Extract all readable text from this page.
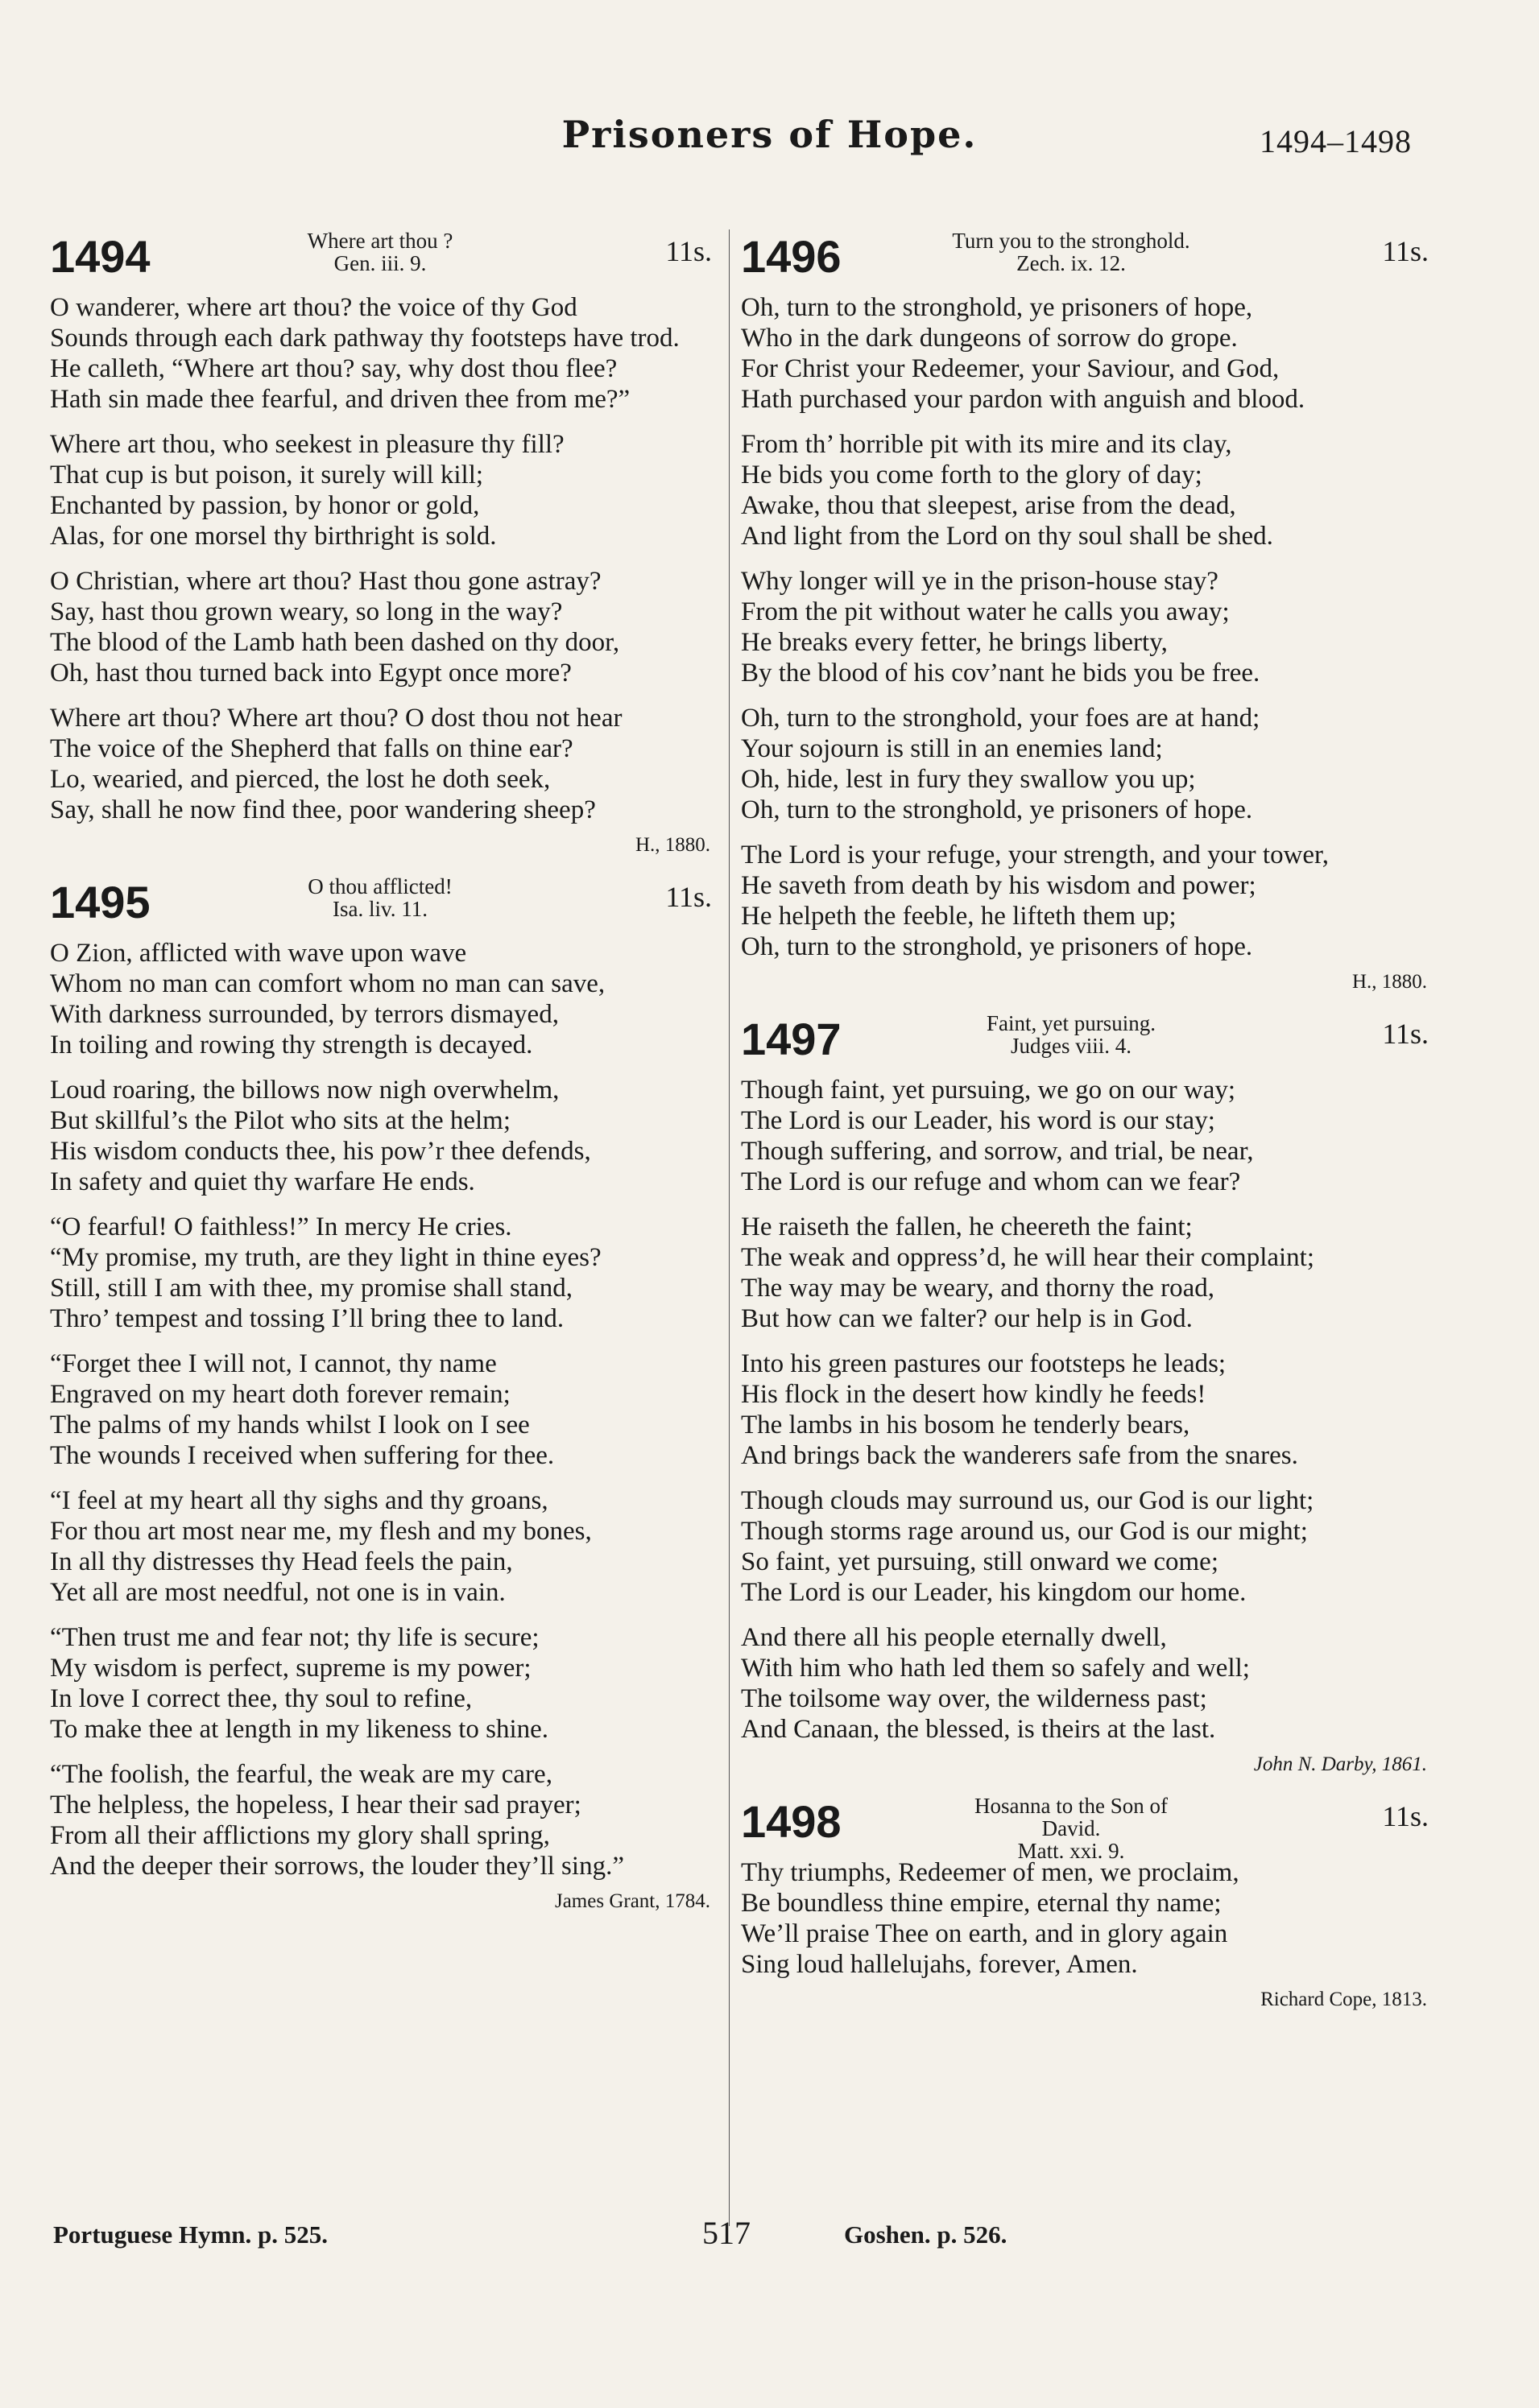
Prisoners of Hope.	1494–1498
1494	Where art thou ?
Gen. iii. 9.	11s.
O wanderer, where art thou? the voice of thy God
Sounds through each dark pathway thy footsteps have trod.
He calleth, “Where art thou? say, why dost thou flee?
Hath sin made thee fearful, and driven thee from me?”
Where art thou, who seekest in pleasure thy fill?
That cup is but poison, it surely will kill;
Enchanted by passion, by honor or gold,
Alas, for one morsel thy birthright is sold.
O Christian, where art thou? Hast thou gone astray?
Say, hast thou grown weary, so long in the way?
The blood of the Lamb hath been dashed on thy door,
Oh, hast thou turned back into Egypt once more?
Where art thou? Where art thou? O dost thou not hear
The voice of the Shepherd that falls on thine ear?
Lo, wearied, and pierced, the lost he doth seek,
Say, shall he now find thee, poor wandering sheep?
H., 1880.
1495	O thou afflicted!
Isa. liv. 11.	11s.
O Zion, afflicted with wave upon wave
Whom no man can comfort whom no man can save,
With darkness surrounded, by terrors dismayed,
In toiling and rowing thy strength is decayed.
Loud roaring, the billows now nigh overwhelm,
But skillful’s the Pilot who sits at the helm;
His wisdom conducts thee, his pow’r thee defends,
In safety and quiet thy warfare He ends.
“O fearful! O faithless!” In mercy He cries.
“My promise, my truth, are they light in thine eyes?
Still, still I am with thee, my promise shall stand,
Thro’ tempest and tossing I’ll bring thee to land.
“Forget thee I will not, I cannot, thy name
Engraved on my heart doth forever remain;
The palms of my hands whilst I look on I see
The wounds I received when suffering for thee.
“I feel at my heart all thy sighs and thy groans,
For thou art most near me, my flesh and my bones,
In all thy distresses thy Head feels the pain,
Yet all are most needful, not one is in vain.
“Then trust me and fear not; thy life is secure;
My wisdom is perfect, supreme is my power;
In love I correct thee, thy soul to refine,
To make thee at length in my likeness to shine.
“The foolish, the fearful, the weak are my care,
The helpless, the hopeless, I hear their sad prayer;
From all their afflictions my glory shall spring,
And the deeper their sorrows, the louder they’ll sing.”
James Grant, 1784.
1496	Turn you to the stronghold.
Zech. ix. 12.	11s.
Oh, turn to the stronghold, ye prisoners of hope,
Who in the dark dungeons of sorrow do grope.
For Christ your Redeemer, your Saviour, and God,
Hath purchased your pardon with anguish and blood.
From th’ horrible pit with its mire and its clay,
He bids you come forth to the glory of day;
Awake, thou that sleepest, arise from the dead,
And light from the Lord on thy soul shall be shed.
Why longer will ye in the prison-house stay?
From the pit without water he calls you away;
He breaks every fetter, he brings liberty,
By the blood of his cov’nant he bids you be free.
Oh, turn to the stronghold, your foes are at hand;
Your sojourn is still in an enemies land;
Oh, hide, lest in fury they swallow you up;
Oh, turn to the stronghold, ye prisoners of hope.
The Lord is your refuge, your strength, and your tower,
He saveth from death by his wisdom and power;
He helpeth the feeble, he lifteth them up;
Oh, turn to the stronghold, ye prisoners of hope.
H., 1880.
1497	Faint, yet pursuing.
Judges viii. 4.	11s.
Though faint, yet pursuing, we go on our way;
The Lord is our Leader, his word is our stay;
Though suffering, and sorrow, and trial, be near,
The Lord is our refuge and whom can we fear?
He raiseth the fallen, he cheereth the faint;
The weak and oppress’d, he will hear their complaint;
The way may be weary, and thorny the road,
But how can we falter? our help is in God.
Into his green pastures our footsteps he leads;
His flock in the desert how kindly he feeds!
The lambs in his bosom he tenderly bears,
And brings back the wanderers safe from the snares.
Though clouds may surround us, our God is our light;
Though storms rage around us, our God is our might;
So faint, yet pursuing, still onward we come;
The Lord is our Leader, his kingdom our home.
And there all his people eternally dwell,
With him who hath led them so safely and well;
The toilsome way over, the wilderness past;
And Canaan, the blessed, is theirs at the last.
John N. Darby, 1861.
1498	Hosanna to the Son of David.
Matt. xxi. 9.
11s.
Thy triumphs, Redeemer of men, we proclaim,
Be boundless thine empire, eternal thy name;
We’ll praise Thee on earth, and in glory again
Sing loud hallelujahs, forever, Amen.
Richard Cope, 1813.
Portuguese Hymn. p. 525.	517	Goshen. p. 526.
